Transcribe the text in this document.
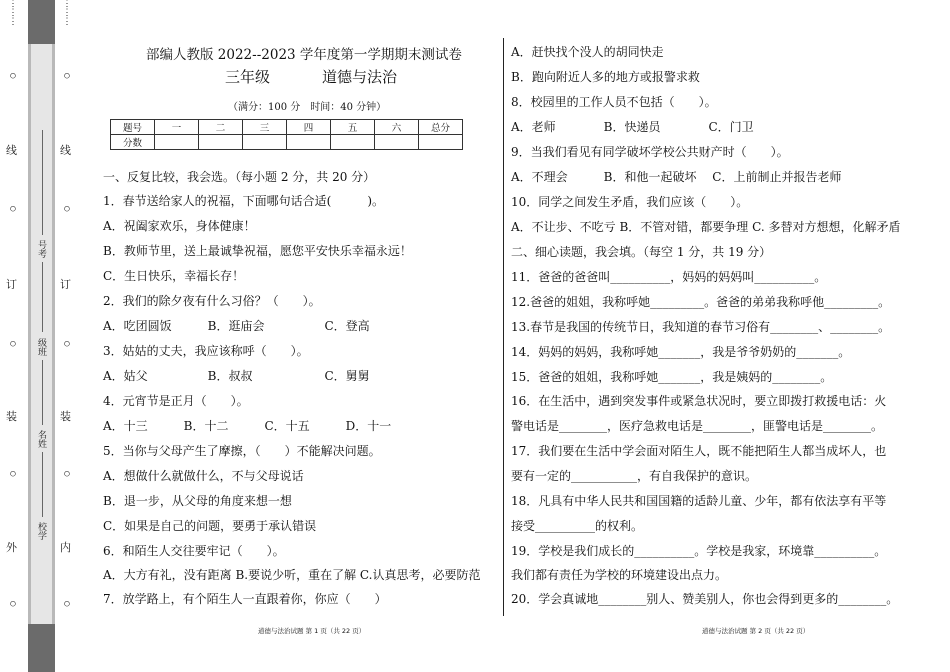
⋮
⋮
⋮
○
线
○
订
○
装
○
外
○
号考
级班
名姓
校学
⋮
⋮
⋮
○
线
○
订
○
装
○
内
○
部编人教版 2022--2023 学年度第一学期期末测试卷
三年级	道德与法治
（满分：100 分　时间：40 分钟）
题号	一	二	三	四	五	六	总分
分数							
一、反复比较，我会选。（每小题 2 分，共 20 分）
1．春节送给家人的祝福，下面哪句话合适(　　　)。
A．祝阖家欢乐，身体健康！
B．教师节里，送上最诚挚祝福，愿您平安快乐幸福永远！
C．生日快乐，幸福长存！
2．我们的除夕夜有什么习俗？（　　）。
A．吃团圆饭　　　B．逛庙会　　　　　C．登高
3．姑姑的丈夫，我应该称呼（　　）。
A．姑父　　　　　B．叔叔　　　　　　C．舅舅
4．元宵节是正月（　　）。
A．十三　　　B．十二　　　C．十五　　　D．十一
5．当你与父母产生了摩擦，（　　）不能解决问题。
A．想做什么就做什么，不与父母说话
B．退一步，从父母的角度来想一想
C．如果是自己的问题，要勇于承认错误
6．和陌生人交往要牢记（　　）。
A．大方有礼，没有距离 B.要说少听，重在了解 C.认真思考，必要防范
7．放学路上，有个陌生人一直跟着你，你应（　　）
A．赶快找个没人的胡同快走
B．跑向附近人多的地方或报警求救
8．校园里的工作人员不包括（　　）。
A．老师　　　　B．快递员　　　　C．门卫
9．当我们看见有同学破坏学校公共财产时（　　）。
A．不理会　　　B．和他一起破坏　 C．上前制止并报告老师
10．同学之间发生矛盾，我们应该（　　）。
A．不让步、不吃亏 B．不管对错，都要争理 C. 多替对方想想，化解矛盾
二、细心读题，我会填。（每空 1 分，共 19 分）
11．爸爸的爸爸叫__________，妈妈的妈妈叫__________。
12.爸爸的姐姐，我称呼她_________。爸爸的弟弟我称呼他_________。
13.春节是我国的传统节日，我知道的春节习俗有________、________。
14．妈妈的妈妈，我称呼她_______，我是爷爷奶奶的_______。
15．爸爸的姐姐，我称呼她_______，我是姨妈的________。
16．在生活中，遇到突发事件或紧急状况时，要立即拨打救援电话：火
警电话是________，医疗急救电话是________，匪警电话是________。
17．我们要在生活中学会面对陌生人，既不能把陌生人都当成坏人，也
要有一定的___________，有自我保护的意识。
18．凡具有中华人民共和国国籍的适龄儿童、少年，都有依法享有平等
接受__________的权利。
19．学校是我们成长的__________。学校是我家，环境靠__________。
我们都有责任为学校的环境建设出点力。
20．学会真诚地________别人、赞美别人，你也会得到更多的________。
道德与法治试题 第 1 页（共 22 页）	道德与法治试题 第 2 页（共 22 页）
